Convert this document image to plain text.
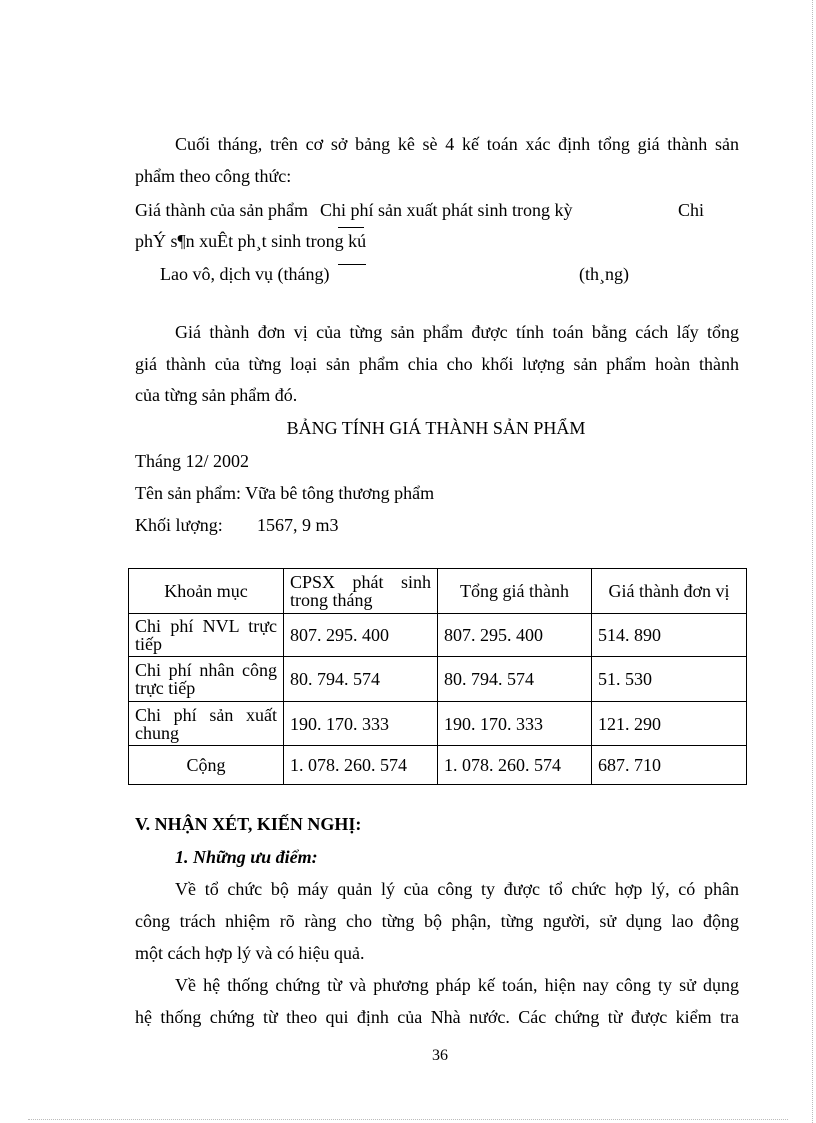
Cuối tháng, trên cơ sở bảng kê sè 4 kế toán xác định tổng giá thành sản
phẩm theo công thức:
Giá thành của sản phẩm Chi phí sản xuất phát sinh trong kỳ	Chi
phÝ s¶n xuÊt ph¸t sinh trong kú
Lao vô, dịch vụ (tháng)	(th¸ng)
Giá thành đơn vị của từng sản phẩm được tính toán bằng cách lấy tổng
giá thành của từng loại sản phẩm chia cho khối lượng sản phẩm hoàn thành
của từng sản phẩm đó.
BẢNG TÍNH GIÁ THÀNH SẢN PHẨM
Tháng 12/ 2002
Tên sản phẩm: Vữa bê tông thương phẩm
Khối lượng: 1567, 9 m3
Khoản mục	CPSX phát sinh trong tháng	Tổng giá thành	Giá thành đơn vị
Chi phí NVL trực tiếp	807. 295. 400	807. 295. 400	514. 890
Chi phí nhân công trực tiếp	80. 794. 574	80. 794. 574	51. 530
Chi phí sản xuất chung	190. 170. 333	190. 170. 333	121. 290
Cộng	1. 078. 260. 574	1. 078. 260. 574	687. 710
V. NHẬN XÉT, KIẾN NGHỊ:
1. Những ưu điểm:
Về tổ chức bộ máy quản lý của công ty được tổ chức hợp lý, có phân
công trách nhiệm rõ ràng cho từng bộ phận, từng người, sử dụng lao động
một cách hợp lý và có hiệu quả.
Về hệ thống chứng từ và phương pháp kế toán, hiện nay công ty sử dụng
hệ thống chứng từ theo qui định của Nhà nước. Các chứng từ được kiểm tra
36
